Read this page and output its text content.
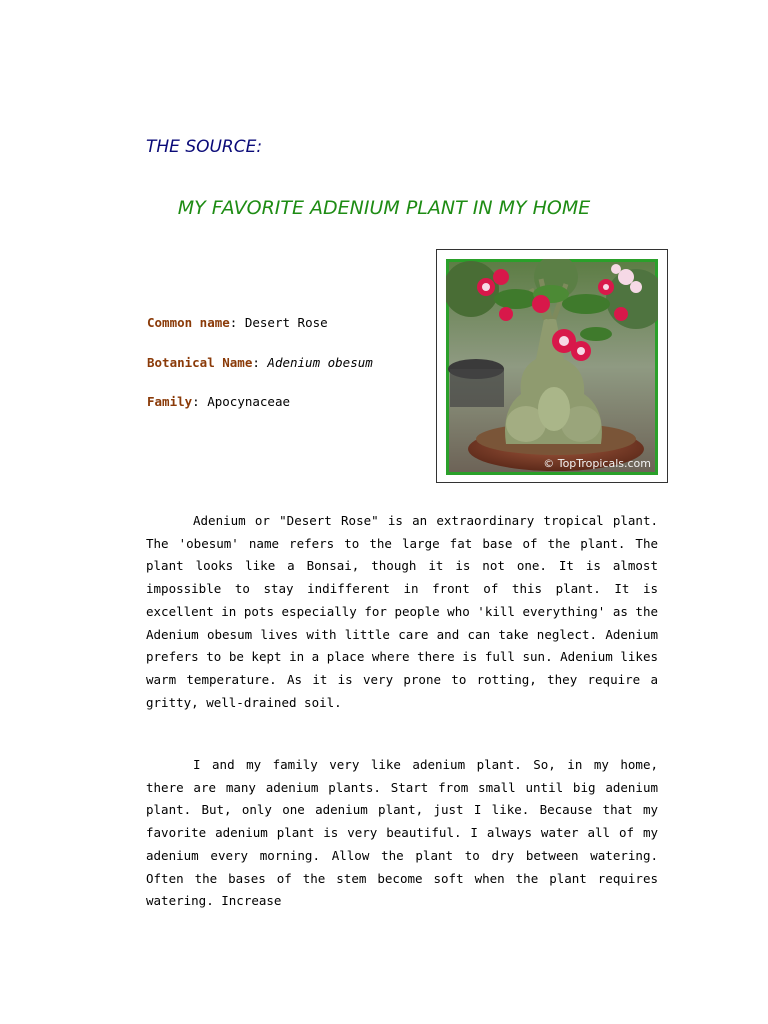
THE SOURCE:
MY FAVORITE ADENIUM PLANT IN MY HOME
Common name: Desert Rose
Botanical Name: Adenium obesum
Family: Apocynaceae
© TopTropicals.com

Adenium or "Desert Rose" is an extraordinary tropical plant. The 'obesum' name refers to the large fat base of the plant. The plant looks like a Bonsai, though it is not one. It is almost impossible to stay indifferent in front of this plant. It is excellent in pots especially for people who 'kill everything' as the Adenium obesum lives with little care and can take neglect. Adenium prefers to be kept in a place where there is full sun. Adenium likes warm temperature. As it is very prone to rotting, they require a gritty, well-drained soil.

I and my family very like adenium plant. So, in my home, there are many adenium plants. Start from small until big adenium plant. But, only one adenium plant, just I like. Because that my favorite adenium plant is very beautiful. I always water all of my adenium every morning. Allow the plant to dry between watering. Often the bases of the stem become soft when the plant requires watering. Increase
